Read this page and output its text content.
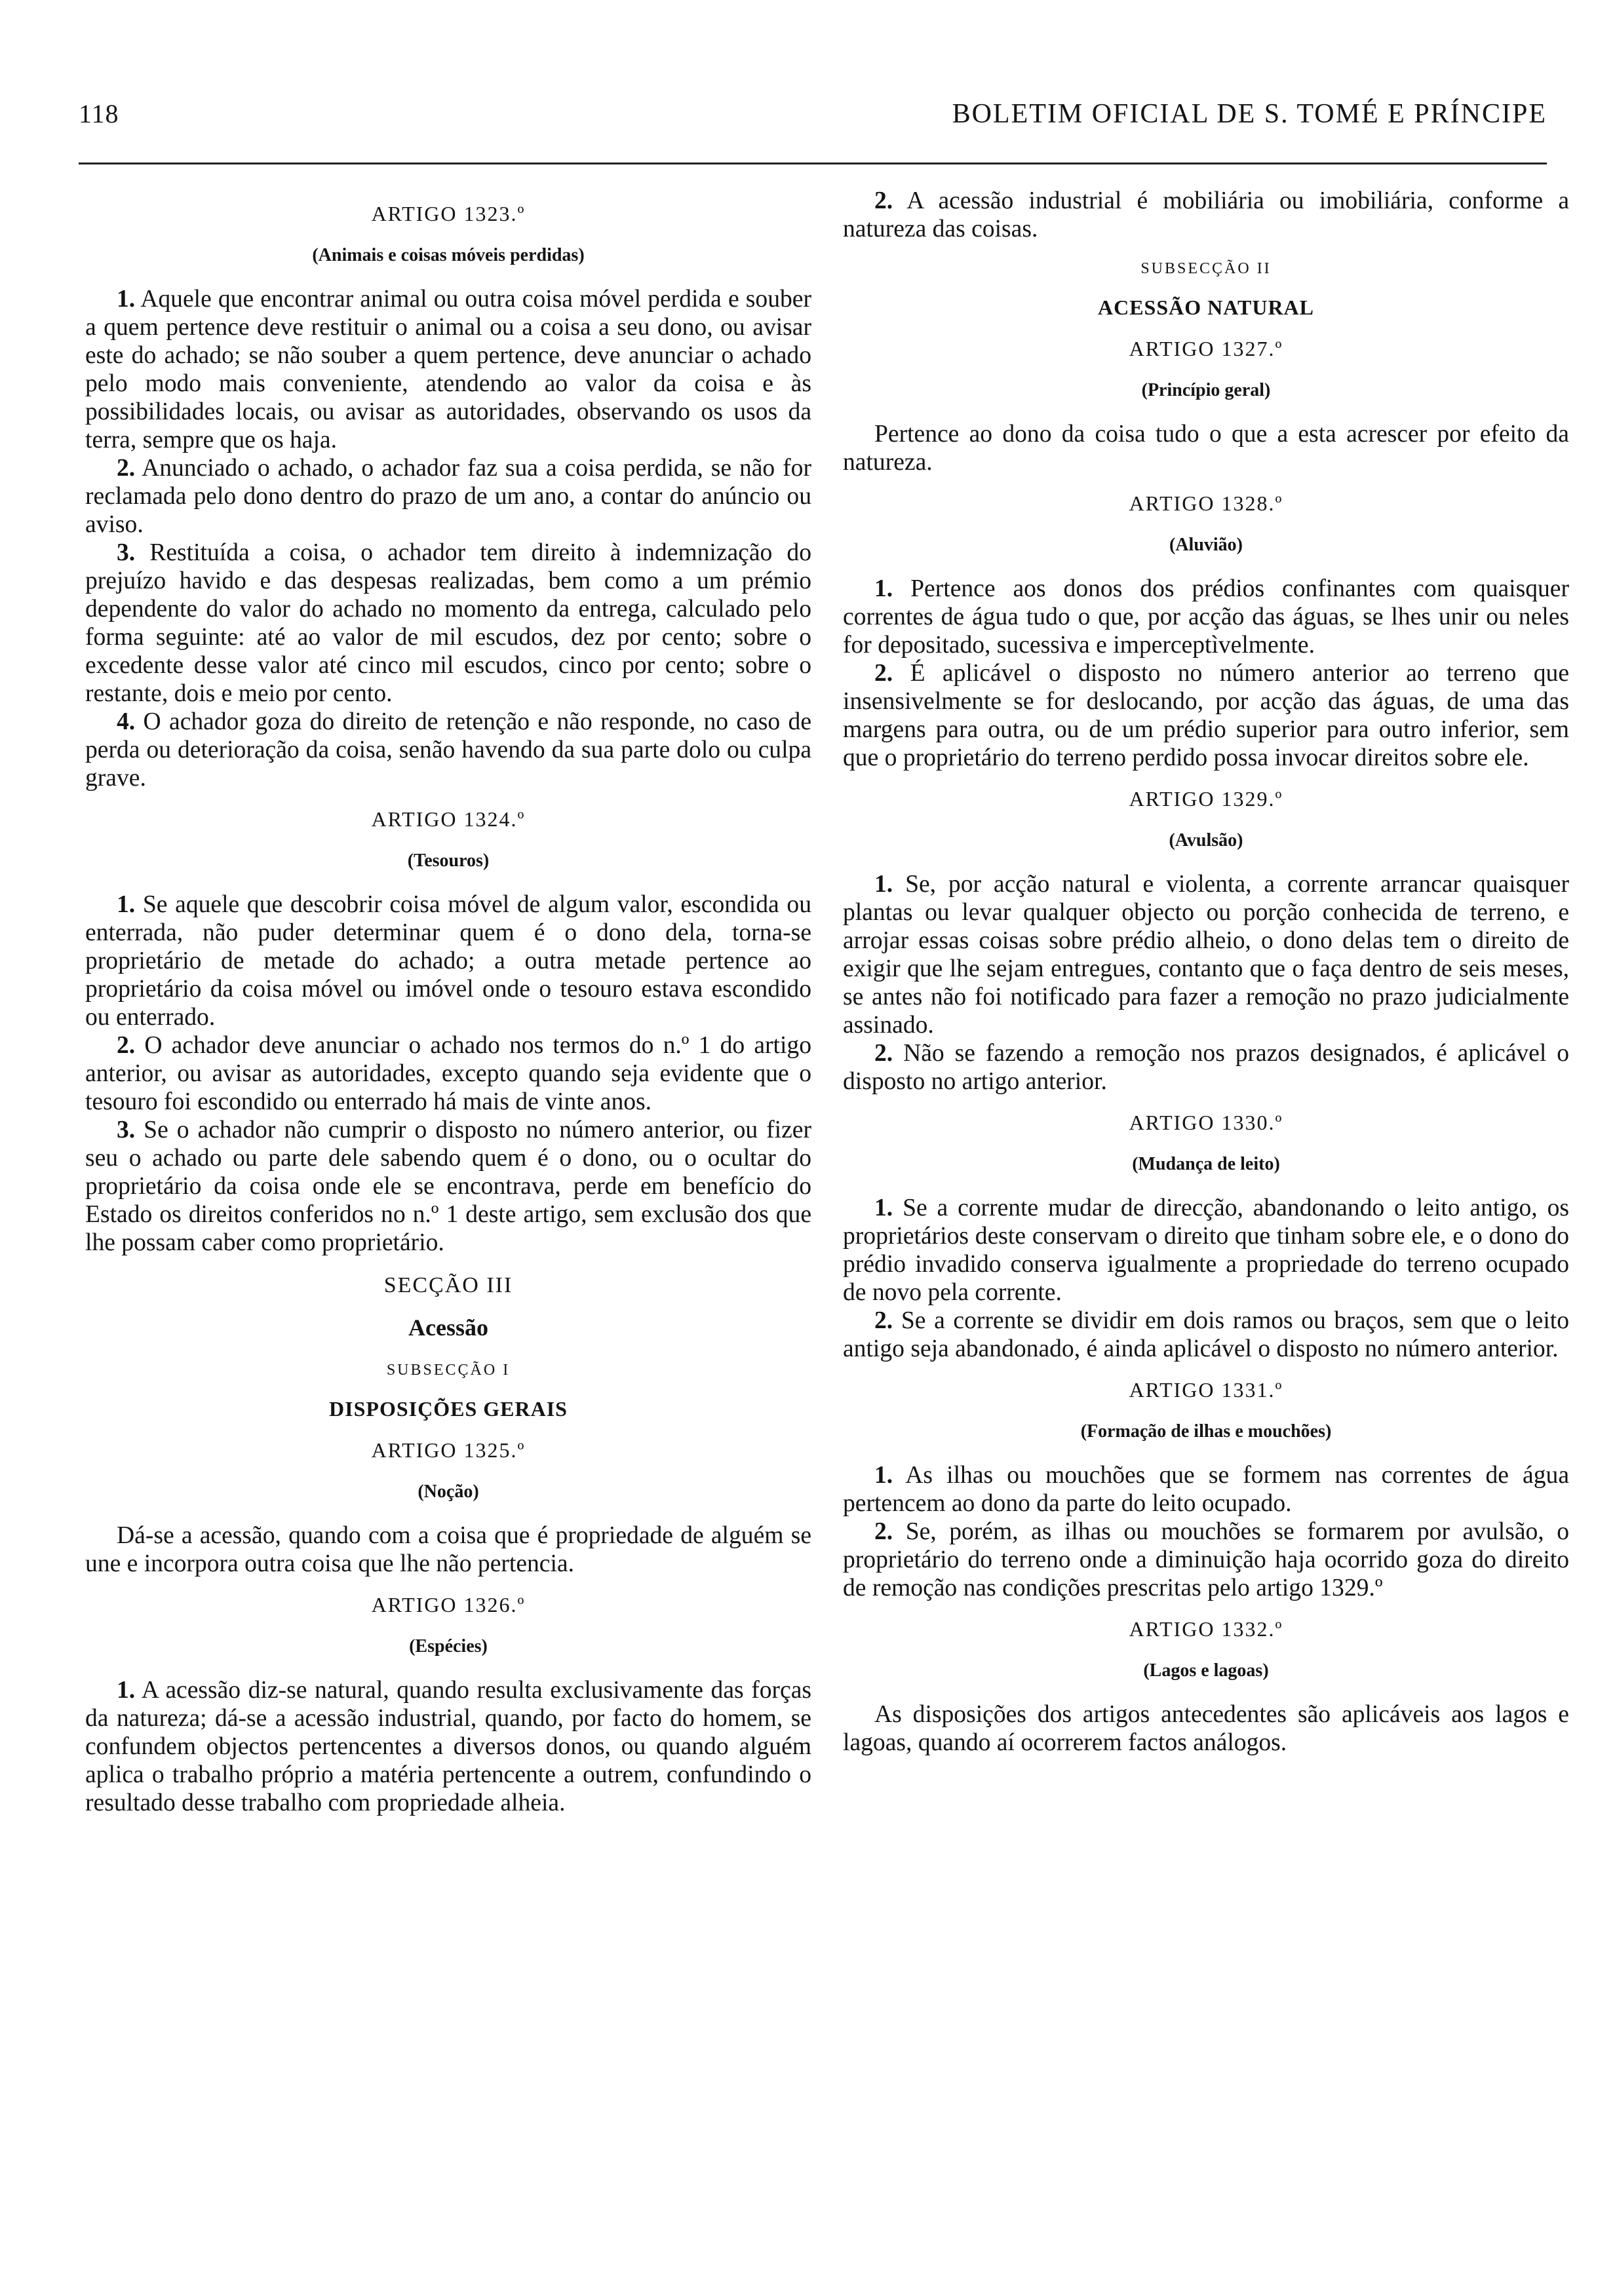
118	BOLETIM OFICIAL DE S. TOMÉ E PRÍNCIPE
ARTIGO 1323.º
(Animais e coisas móveis perdidas)

1. Aquele que encontrar animal ou outra coisa móvel perdida e souber a quem pertence deve restituir o animal ou a coisa a seu dono, ou avisar este do achado; se não souber a quem pertence, deve anunciar o achado pelo modo mais conveniente, atendendo ao valor da coisa e às possibilidades locais, ou avisar as autoridades, observando os usos da terra, sempre que os haja.

2. Anunciado o achado, o achador faz sua a coisa perdida, se não for reclamada pelo dono dentro do prazo de um ano, a contar do anúncio ou aviso.

3. Restituída a coisa, o achador tem direito à indemnização do prejuízo havido e das despesas realizadas, bem como a um prémio dependente do valor do achado no momento da entrega, calculado pelo forma seguinte: até ao valor de mil escudos, dez por cento; sobre o excedente desse valor até cinco mil escudos, cinco por cento; sobre o restante, dois e meio por cento.

4. O achador goza do direito de retenção e não responde, no caso de perda ou deterioração da coisa, senão havendo da sua parte dolo ou culpa grave.

ARTIGO 1324.º
(Tesouros)

1. Se aquele que descobrir coisa móvel de algum valor, escondida ou enterrada, não puder determinar quem é o dono dela, torna-se proprietário de metade do achado; a outra metade pertence ao proprietário da coisa móvel ou imóvel onde o tesouro estava escondido ou enterrado.

2. O achador deve anunciar o achado nos termos do n.º 1 do artigo anterior, ou avisar as autoridades, excepto quando seja evidente que o tesouro foi escondido ou enterrado há mais de vinte anos.

3. Se o achador não cumprir o disposto no número anterior, ou fizer seu o achado ou parte dele sabendo quem é o dono, ou o ocultar do proprietário da coisa onde ele se encontrava, perde em benefício do Estado os direitos conferidos no n.º 1 deste artigo, sem exclusão dos que lhe possam caber como proprietário.

SECÇÃO III
Acessão
SUBSECÇÃO I
DISPOSIÇÕES GERAIS
ARTIGO 1325.º
(Noção)

Dá-se a acessão, quando com a coisa que é propriedade de alguém se une e incorpora outra coisa que lhe não pertencia.

ARTIGO 1326.º
(Espécies)

1. A acessão diz-se natural, quando resulta exclusivamente das forças da natureza; dá-se a acessão industrial, quando, por facto do homem, se confundem objectos pertencentes a diversos donos, ou quando alguém aplica o trabalho próprio a matéria pertencente a outrem, confundindo o resultado desse trabalho com propriedade alheia.

2. A acessão industrial é mobiliária ou imobiliária, conforme a natureza das coisas.

SUBSECÇÃO II
ACESSÃO NATURAL
ARTIGO 1327.º
(Princípio geral)

Pertence ao dono da coisa tudo o que a esta acrescer por efeito da natureza.

ARTIGO 1328.º
(Aluvião)

1. Pertence aos donos dos prédios confinantes com quaisquer correntes de água tudo o que, por acção das águas, se lhes unir ou neles for depositado, sucessiva e imperceptìvelmente.

2. É aplicável o disposto no número anterior ao terreno que insensivelmente se for deslocando, por acção das águas, de uma das margens para outra, ou de um prédio superior para outro inferior, sem que o proprietário do terreno perdido possa invocar direitos sobre ele.

ARTIGO 1329.º
(Avulsão)

1. Se, por acção natural e violenta, a corrente arrancar quaisquer plantas ou levar qualquer objecto ou porção conhecida de terreno, e arrojar essas coisas sobre prédio alheio, o dono delas tem o direito de exigir que lhe sejam entregues, contanto que o faça dentro de seis meses, se antes não foi notificado para fazer a remoção no prazo judicialmente assinado.

2. Não se fazendo a remoção nos prazos designados, é aplicável o disposto no artigo anterior.

ARTIGO 1330.º
(Mudança de leito)

1. Se a corrente mudar de direcção, abandonando o leito antigo, os proprietários deste conservam o direito que tinham sobre ele, e o dono do prédio invadido conserva igualmente a propriedade do terreno ocupado de novo pela corrente.

2. Se a corrente se dividir em dois ramos ou braços, sem que o leito antigo seja abandonado, é ainda aplicável o disposto no número anterior.

ARTIGO 1331.º
(Formação de ilhas e mouchões)

1. As ilhas ou mouchões que se formem nas correntes de água pertencem ao dono da parte do leito ocupado.

2. Se, porém, as ilhas ou mouchões se formarem por avulsão, o proprietário do terreno onde a diminuição haja ocorrido goza do direito de remoção nas condições prescritas pelo artigo 1329.º

ARTIGO 1332.º
(Lagos e lagoas)

As disposições dos artigos antecedentes são aplicáveis aos lagos e lagoas, quando aí ocorrerem factos análogos.
